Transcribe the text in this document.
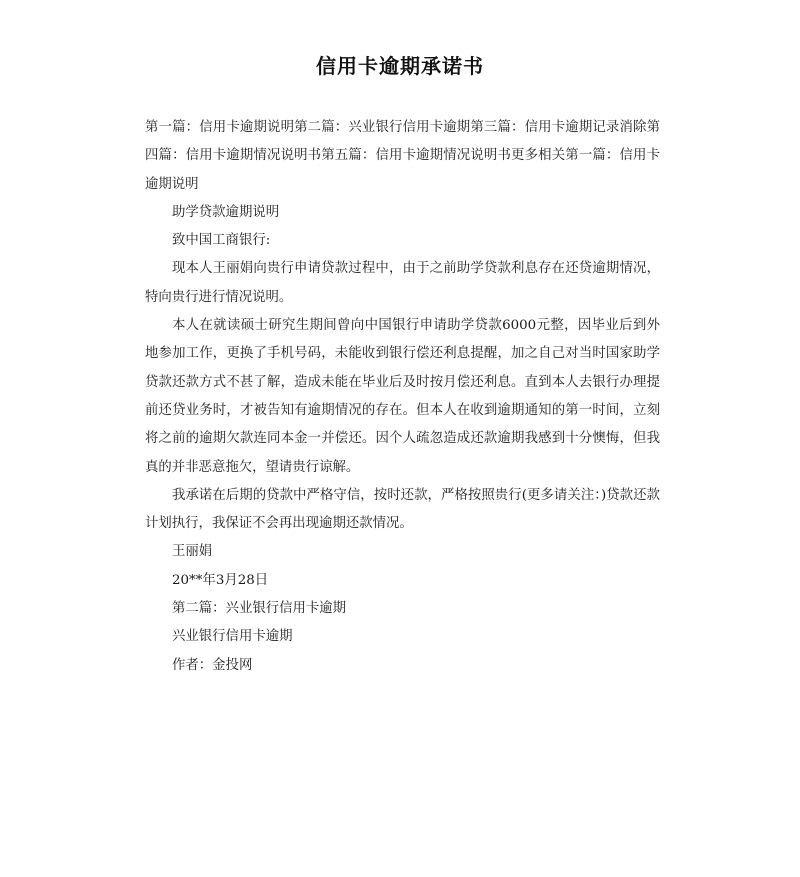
信用卡逾期承诺书

第一篇：信用卡逾期说明第二篇：兴业银行信用卡逾期第三篇：信用卡逾期记录消除第四篇：信用卡逾期情况说明书第五篇：信用卡逾期情况说明书更多相关第一篇：信用卡逾期说明

助学贷款逾期说明

致中国工商银行:

现本人王丽娟向贵行申请贷款过程中，由于之前助学贷款利息存在还贷逾期情况，特向贵行进行情况说明。

本人在就读硕士研究生期间曾向中国银行申请助学贷款6000元整，因毕业后到外地参加工作，更换了手机号码，未能收到银行偿还利息提醒，加之自己对当时国家助学贷款还款方式不甚了解，造成未能在毕业后及时按月偿还利息。直到本人去银行办理提前还贷业务时，才被告知有逾期情况的存在。但本人在收到逾期通知的第一时间，立刻将之前的逾期欠款连同本金一并偿还。因个人疏忽造成还款逾期我感到十分懊悔，但我真的并非恶意拖欠，望请贵行谅解。

我承诺在后期的贷款中严格守信，按时还款，严格按照贵行(更多请关注：)贷款还款计划执行，我保证不会再出现逾期还款情况。

王丽娟

20**年3月28日

第二篇：兴业银行信用卡逾期

兴业银行信用卡逾期

作者：金投网
